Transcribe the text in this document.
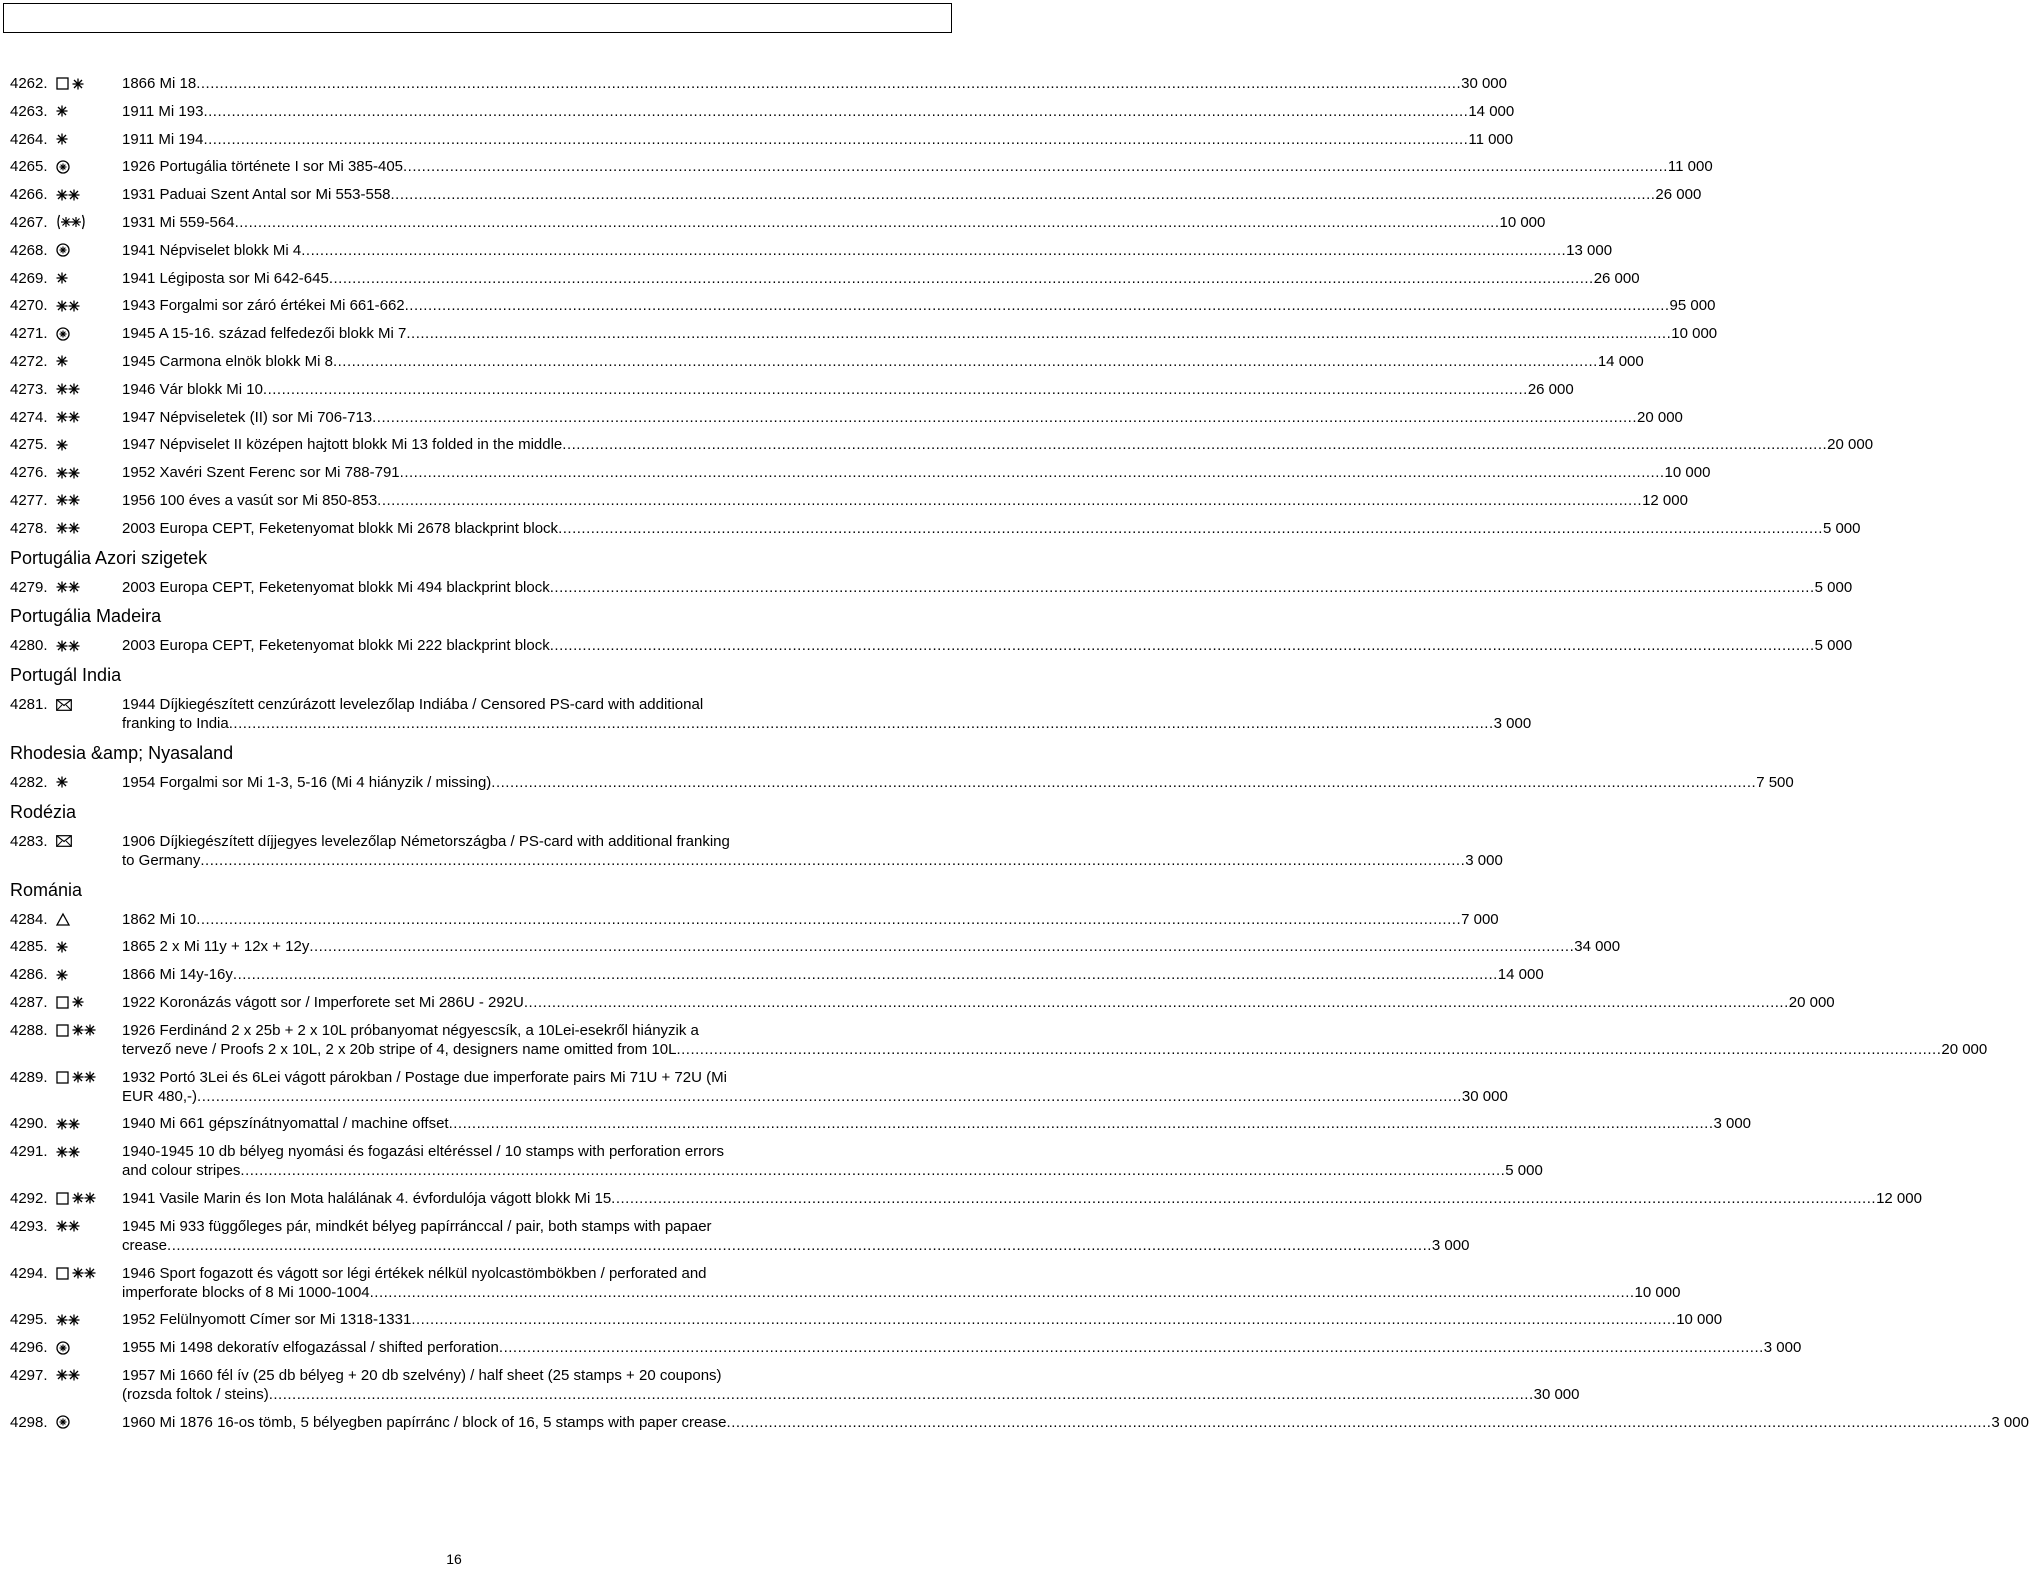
4262.	1866 Mi 18 .....	30 000
4263.	1911 Mi 193 .....	14 000
4264.	1911 Mi 194 .....	11 000
4265.	1926 Portugália története I sor Mi 385-405 .....	11 000
4266.	1931 Paduai Szent Antal sor Mi 553-558 .....	26 000
4267.	1931 Mi 559-564 .....	10 000
4268.	1941 Népviselet blokk Mi 4 .....	13 000
4269.	1941 Légiposta sor Mi 642-645 .....	26 000
4270.	1943 Forgalmi sor záró értékei Mi 661-662 .....	95 000
4271.	1945 A 15-16. század felfedezői blokk Mi 7 .....	10 000
4272.	1945 Carmona elnök blokk Mi 8 .....	14 000
4273.	1946 Vár blokk Mi 10 .....	26 000
4274.	1947 Népviseletek (II) sor Mi 706-713 .....	20 000
4275.	1947 Népviselet II középen hajtott blokk Mi 13 folded in the middle .....	20 000
4276.	1952 Xavéri Szent Ferenc sor Mi 788-791 .....	10 000
4277.	1956 100 éves a vasút sor Mi 850-853 .....	12 000
4278.	2003 Europa CEPT, Feketenyomat blokk Mi 2678 blackprint block .....	5 000
Portugália Azori szigetek
4279.	2003 Europa CEPT, Feketenyomat blokk Mi 494 blackprint block .....	5 000
Portugália Madeira
4280.	2003 Europa CEPT, Feketenyomat blokk Mi 222 blackprint block .....	5 000
Portugál India
4281.	1944 Díjkiegészített cenzúrázott levelezőlap Indiába / Censored PS-card with additional
franking to India .....	3 000
Rhodesia &amp; Nyasaland
4282.	1954 Forgalmi sor Mi 1-3, 5-16 (Mi 4 hiányzik / missing) .....	7 500
Rodézia
4283.	1906 Díjkiegészített díjjegyes levelezőlap Németországba / PS-card with additional franking
to Germany .....	3 000
Románia
4284.	1862 Mi 10 .....	7 000
4285.	1865 2 x Mi 11y + 12x + 12y .....	34 000
4286.	1866 Mi 14y-16y .....	14 000
4287.	1922 Koronázás vágott sor / Imperforete set Mi 286U - 292U .....	20 000
4288.	1926 Ferdinánd 2 x 25b + 2 x 10L próbanyomat négyescsík, a 10Lei-esekről hiányzik a
tervező neve / Proofs 2 x 10L, 2 x 20b stripe of 4, designers name omitted from 10L .....	20 000
4289.	1932 Portó 3Lei és 6Lei vágott párokban / Postage due imperforate pairs Mi 71U + 72U (Mi
EUR 480,-) .....	30 000
4290.	1940 Mi 661 gépszínátnyomattal / machine offset .....	3 000
4291.	1940-1945 10 db bélyeg nyomási és fogazási eltéréssel / 10 stamps with perforation errors
and colour stripes .....	5 000
4292.	1941 Vasile Marin és Ion Mota halálának 4. évfordulója vágott blokk Mi 15 .....	12 000
4293.	1945 Mi 933 függőleges pár, mindkét bélyeg papírránccal / pair, both stamps with papaer
crease .....	3 000
4294.	1946 Sport fogazott és vágott sor légi értékek nélkül nyolcastömbökben / perforated and
imperforate blocks of 8 Mi 1000-1004 .....	10 000
4295.	1952 Felülnyomott Címer sor Mi 1318-1331 .....	10 000
4296.	1955 Mi 1498 dekoratív elfogazással / shifted perforation .....	3 000
4297.	1957 Mi 1660 fél ív (25 db bélyeg + 20 db szelvény) / half sheet (25 stamps + 20 coupons)
(rozsda foltok / steins) .....	30 000
4298.	1960 Mi 1876 16-os tömb, 5 bélyegben papírránc / block of 16, 5 stamps with paper crease .....	3 000
16
